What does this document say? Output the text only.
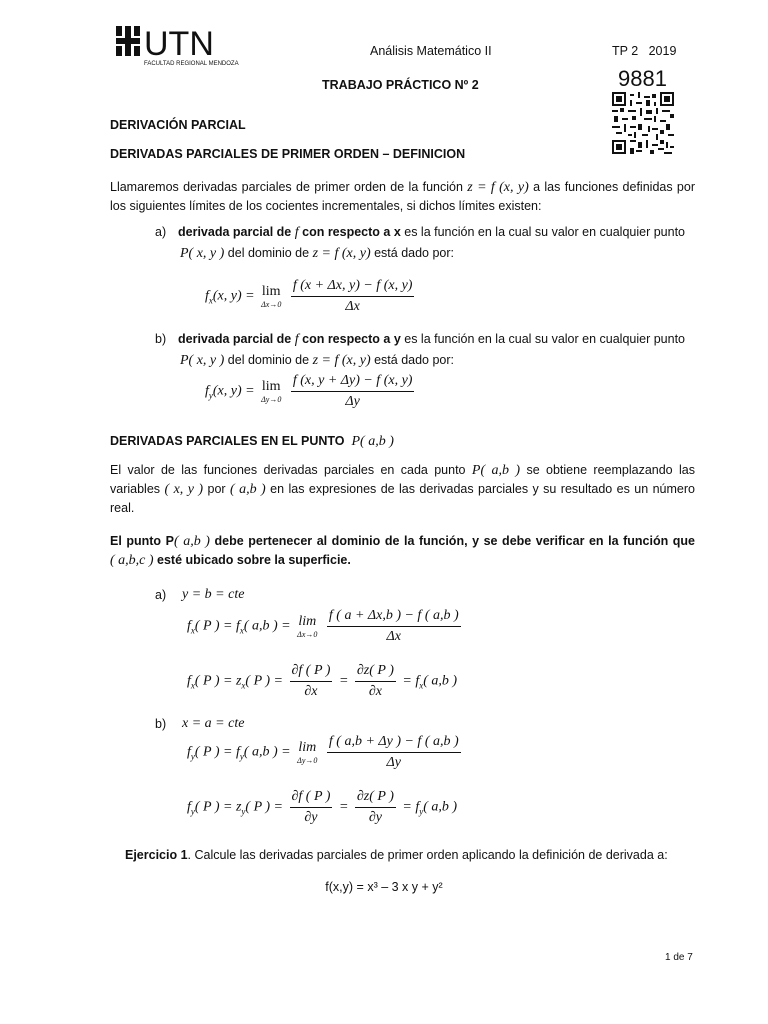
UTN
FACULTAD REGIONAL MENDOZA
Análisis Matemático II	TP 2   2019
TRABAJO PRÁCTICO Nº 2	9881
DERIVACIÓN PARCIAL
DERIVADAS PARCIALES DE PRIMER ORDEN – DEFINICION
Llamaremos derivadas parciales de primer orden de la función z = f (x, y) a las funciones definidas por los siguientes límites de los cocientes incrementales, si dichos límites existen:
a) derivada parcial de f con respecto a x es la función en la cual su valor en cualquier punto
P( x, y ) del dominio de z = f (x, y) está dado por:
$f_x(x$, y) = lim
Δx→0
$\frac{f (x + \Delta x, y) - f (x, y)}{\Delta x}$
b) derivada parcial de f con respecto a y es la función en la cual su valor en cualquier punto
P( x, y ) del dominio de z = f (x, y) está dado por:
$f_y(x$, y) = lim
Δy→0
$\frac{f (x, y + \Delta y) - f (x, y)}{\Delta y}$
DERIVADAS PARCIALES EN EL PUNTO P( a,b )
El valor de las funciones derivadas parciales en cada punto P( a,b ) se obtiene reemplazando las variables ( x, y ) por ( a,b ) en las expresiones de las derivadas parciales y su resultado es un número real.
El punto P( a,b ) debe pertenecer al dominio de la función, y se debe verificar en la función que ( a,b,c ) esté ubicado sobre la superficie.
a) y = b = cte
$f_x$( P ) = $f_x$( a,b ) = lim
Δx→0
$\frac{f ( a + \Delta x,b ) - f ( a,b )}{\Delta x}$
$f_x$( P ) = $z_x$( P ) = $\frac{\partial f ( P )}{\partial x} = \frac{\partial z( P )}{\partial x} = f_x$( a,b )
b) x = a = cte
$f_y$( P ) = $f_y$( a,b ) = lim
Δy→0
$\frac{f ( a,b + \Delta y ) - f ( a,b )}{\Delta y}$
$f_y$( P ) = $z_y$( P ) = $\frac{\partial f ( P )}{\partial y} = \frac{\partial z( P )}{\partial y} = f_y$( a,b )
Ejercicio 1. Calcule las derivadas parciales de primer orden aplicando la definición de derivada a:
f(x,y) = x³ – 3 x y + y²
1 de 7
